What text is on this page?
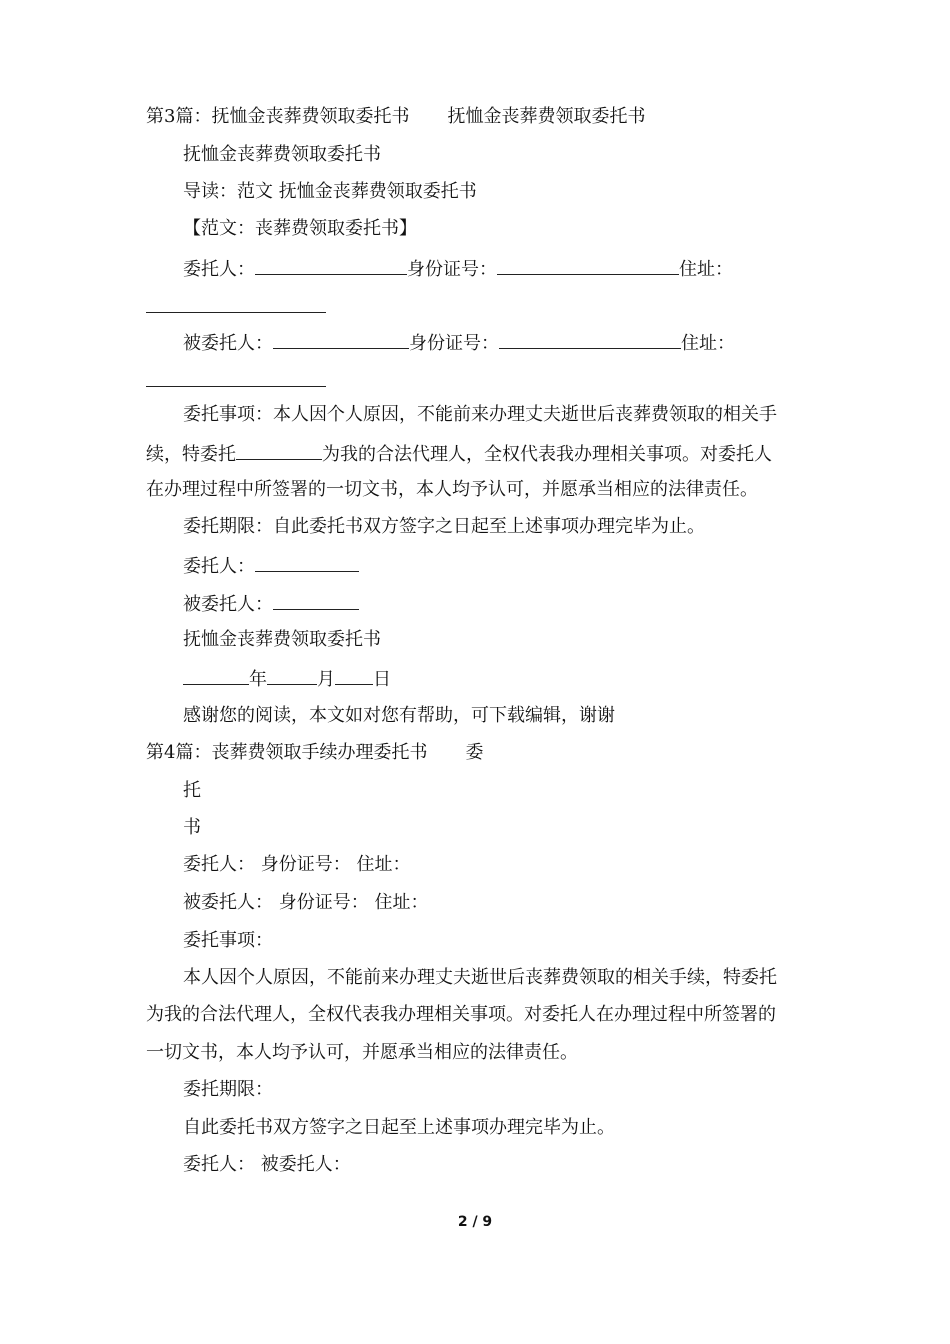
第3篇：抚恤金丧葬费领取委托书 抚恤金丧葬费领取委托书

抚恤金丧葬费领取委托书

导读：范文 抚恤金丧葬费领取委托书

【范文：丧葬费领取委托书】

委托人：	身份证号：	住址：

被委托人：	身份证号：	住址：

委托事项：本人因个人原因，不能前来办理丈夫逝世后丧葬费领取的相关手

续，特委托	为我的合法代理人，全权代表我办理相关事项。对委托人

在办理过程中所签署的一切文书，本人均予认可，并愿承当相应的法律责任。

委托期限：自此委托书双方签字之日起至上述事项办理完毕为止。

委托人：

被委托人：

抚恤金丧葬费领取委托书

年	月 日

感谢您的阅读，本文如对您有帮助，可下载编辑，谢谢

第4篇：丧葬费领取手续办理委托书 委

托

书

委托人： 身份证号： 住址：

被委托人： 身份证号： 住址：

委托事项：

本人因个人原因，不能前来办理丈夫逝世后丧葬费领取的相关手续，特委托

为我的合法代理人，全权代表我办理相关事项。对委托人在办理过程中所签署的

一切文书，本人均予认可，并愿承当相应的法律责任。

委托期限：

自此委托书双方签字之日起至上述事项办理完毕为止。

委托人： 被委托人：

2 / 9
